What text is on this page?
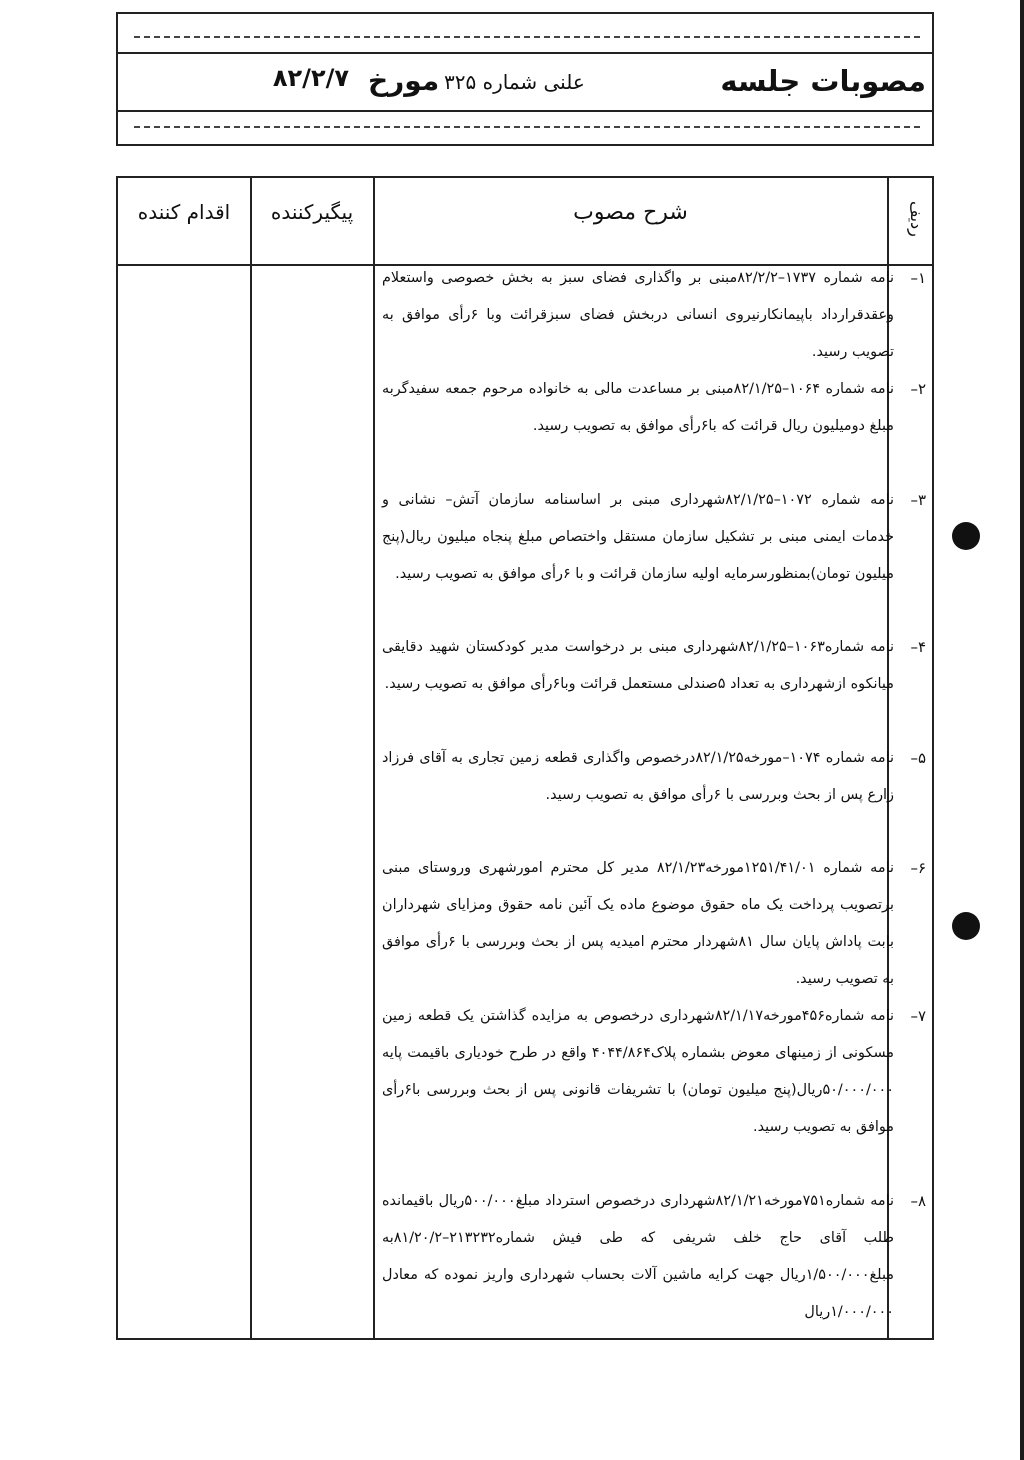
مصوبات جلسه
علنی شماره ۳۲۵
مورخ
۸۲/۲/۷
ردیف
شرح مصوب
پیگیرکننده
اقدام کننده
۱–
نامه شماره ۱۷۳۷–۸۲/۲/۲مبنی بر واگذاری فضای سبز به بخش خصوصی واستعلام وعقدقرارداد باپیمانکارنیروی انسانی دربخش فضای سبزقرائت وبا ۶رأی موافق به تصویب رسید.
۲–
نامه شماره ۱۰۶۴–۸۲/۱/۲۵مبنی بر مساعدت مالی به خانواده مرحوم جمعه سفیدگربه مبلغ دومیلیون ریال قرائت که با۶رأی موافق به تصویب رسید.
۳–
نامه شماره ۱۰۷۲–۸۲/۱/۲۵شهرداری مبنی بر اساسنامه سازمان آتش– نشانی و خدمات ایمنی مبنی بر تشکیل سازمان مستقل واختصاص مبلغ پنجاه میلیون ریال(پنج میلیون تومان)بمنظورسرمایه اولیه سازمان قرائت و با ۶رأی موافق به تصویب رسید.
۴–
نامه شماره۱۰۶۳–۸۲/۱/۲۵شهرداری مبنی بر درخواست مدیر کودکستان شهید دقایقی میانکوه ازشهرداری به تعداد ۵صندلی مستعمل قرائت وبا۶رأی موافق به تصویب رسید.
۵–
نامه شماره ۱۰۷۴–مورخه۸۲/۱/۲۵درخصوص واگذاری قطعه زمین تجاری به آقای فرزاد زارع پس از بحث وبررسی با ۶رأی موافق به تصویب رسید.
۶–
نامه شماره ۱۲۵۱/۴۱/۰۱مورخه۸۲/۱/۲۳ مدیر کل محترم امورشهری وروستای مبنی برتصویب پرداخت یک ماه حقوق موضوع ماده یک آئین نامه حقوق ومزایای شهرداران بابت پاداش پایان سال ۸۱شهردار محترم امیدیه پس از بحث وبررسی با ۶رأی موافق به تصویب رسید.
۷–
نامه شماره۴۵۶مورخه۸۲/۱/۱۷شهرداری درخصوص به مزایده گذاشتن یک قطعه زمین مسکونی از زمینهای معوض بشماره پلاک۴۰۴۴/۸۶۴ واقع در طرح خودیاری باقیمت پایه ۵۰/۰۰۰/۰۰۰ریال(پنج میلیون تومان) با تشریفات قانونی پس از بحث وبررسی با۶رأی موافق به تصویب رسید.
۸–
نامه شماره۷۵۱مورخه۸۲/۱/۲۱شهرداری درخصوص استرداد مبلغ۵۰۰/۰۰۰ریال باقیمانده طلب آقای حاج خلف شریفی که طی فیش شماره۲۱۳۲۳۲–۸۱/۲۰/۲به مبلغ۱/۵۰۰/۰۰۰ریال جهت کرایه ماشین آلات بحساب شهرداری واریز نموده که معادل ۱/۰۰۰/۰۰۰ریال
